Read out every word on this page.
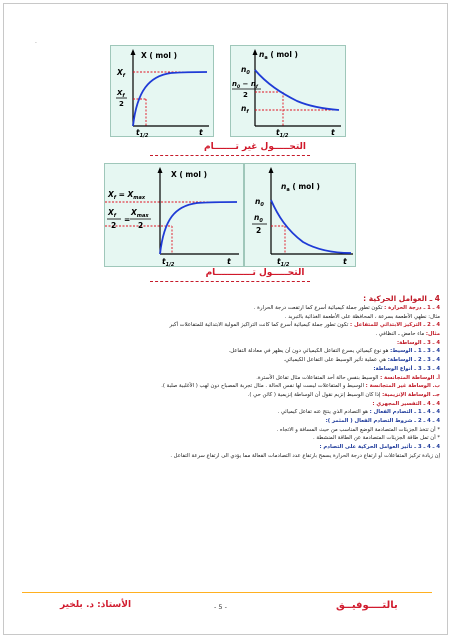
.
X ( mol )
$X_f$
$X_f$
2
$t_{1/2}$	t
$n_a$ ( mol )
$n_0$
$n_0 - n_f$
2
$n_f$
$t_{1/2}$	t
التحـــــول غير تـــــــام
X ( mol )
$X_f = X_{max}$
$X_f$
2
=
$X_{max}$
2
$t_{1/2}$	t
$n_a$ ( mol )
$n_0$
$n_0$
2
$t_{1/2}$	t
التحـــــول تــــــــــــام
4 ـ العوامل الحركية :
4 ـ 1 ـ درجة الحرارة : تكون تطور جملة كيميائية أسرع كما ارتفعت درجة الحرارة .
مثال: نطهي الأطعمة بسرعة ، المحافظة على الأطعمة الغذائية بالتبريد .
4 ـ 2 ـ التركيز الابتدائي للمتفاعل : تكون تطور جملة كيميائية أسرع كما كانت التراكيز المولية الابتدائية للمتفاعلات أكبر
مثال: ماء حامض ـ النظافي .
4 ـ 3 ـ الوساطة:
4 ـ 3 ـ 1 ـ الوسيط: هو نوع كيميائي يسرع التفاعل الكيميائي دون أن يظهر في معادلة التفاعل.
4 ـ 3 ـ 2 ـ الوساطة: هي عملية تأثير الوسيط على التفاعل الكيميائي.
4 ـ 3 ـ 3 ـ أنواع الوساطة:
أ. الوساطة المتجانسة : الوسيط بنفس حالة أحد المتفاعلات مثال تفاعل الأسترة.
ب. الوساطة غير المتجانسة : الوسيط و المتفاعلات ليست لها نفس الحالة . مثال تجربة المصباح دون لهب ( الأغلبية صلبة ).
جـ. الوساطة الإنزيمية: إذا كان الوسيط إنزيم نقول أن الوساطة إنزيمية ( كائن حي ).
4 ـ 4 ـ التفسير المجهري :
4 ـ 4 ـ 1 ـ التصادم الفعال : هو التصادم الذي ينتج عنه تفاعل كيميائي .
4 ـ 4 ـ 2 ـ شروط التصادم الفعال ( المثمر ):
* أن تتخذ الجزيئات المتصادمة الوضع المناسب من حيث المسافة و الاتجاه .
* أن تمل طاقة الجزيئات المتصادمة عن الطاقة المنشطة .
4 ـ 4 ـ 3 ـ تأثير العوامل الحركية على التصادم :
إن زيادة تركيز المتفاعلات أو ارتفاع درجة الحرارة يسمح بارتفاع عدد التصادمات الفعالة مما يؤدي الى ارتفاع سرعة التفاعل .
الأستاذ: د. بلخير	- 5 -	بالتــــوفيــق
